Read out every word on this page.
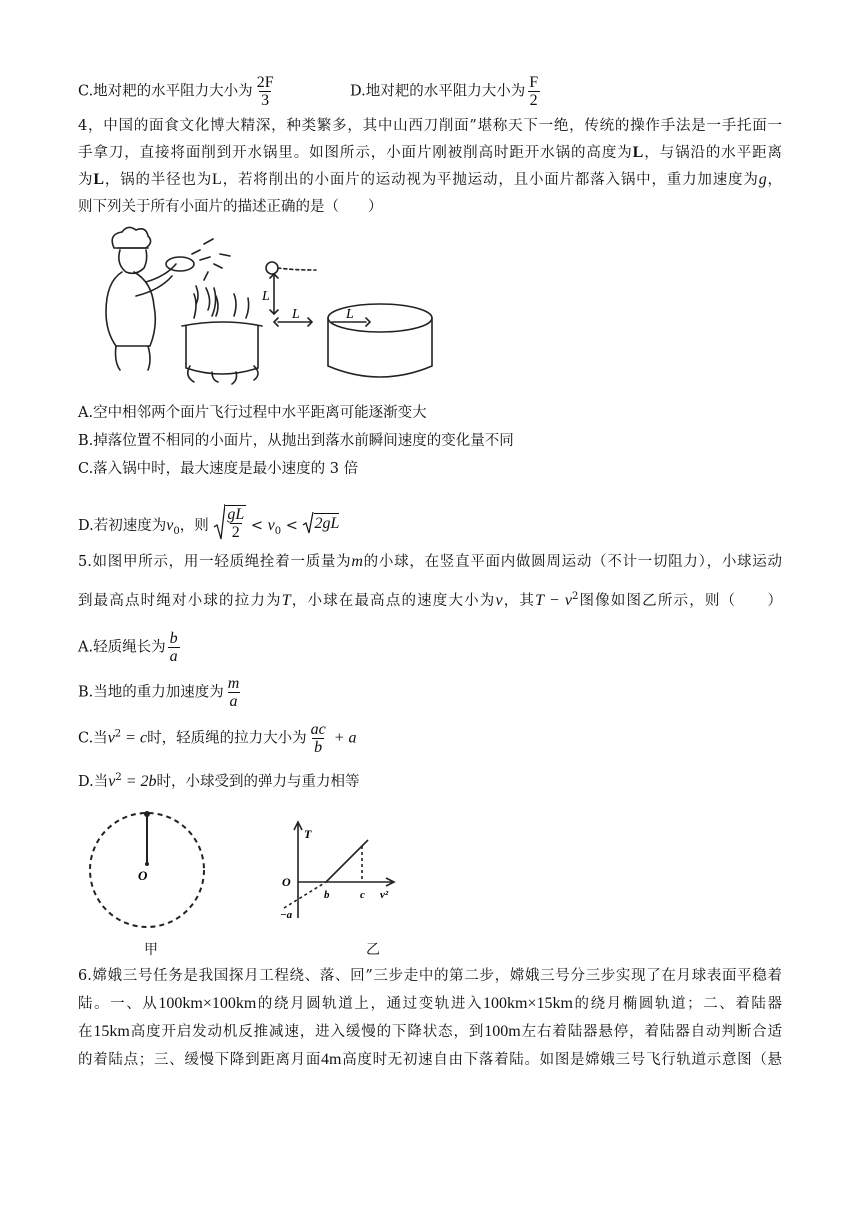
C.地对耙的水平阻力大小为 $\frac{2F}{3}$	D.地对耙的水平阻力大小为 $\frac{F}{2}$
4，中国的面食文化博大精深，种类繁多，其中山西刀削面”堪称天下一绝，传统的操作手法是一手托面一
手拿刀，直接将面削到开水锅里。如图所示，小面片刚被削高时距开水锅的高度为L，与锅沿的水平距离
为L，锅的半径也为L，若将削出的小面片的运动视为平抛运动，且小面片都落入锅中，重力加速度为g，
则下列关于所有小面片的描述正确的是（　　）
L
L	L
A.空中相邻两个面片飞行过程中水平距离可能逐渐变大
B.掉落位置不相同的小面片，从抛出到落水前瞬间速度的变化量不同
C.落入锅中时，最大速度是最小速度的 3 倍
D.若初速度为$v_0$，则 $\frac{gL}{2} < v_0 < 2gL$
5.如图甲所示，用一轻质绳拴着一质量为m的小球，在竖直平面内做圆周运动（不计一切阻力），小球运动
到最高点时绳对小球的拉力为T，小球在最高点的速度大小为v，其$T - v^2$图像如图乙所示，则（　　）
A.轻质绳长为 $\frac{b}{a}$
B.当地的重力加速度为 $\frac{m}{a}$
C.当$v^2 = c$时，轻质绳的拉力大小为 $\frac{ac}{b} + a$
D.当$v^2 = 2b$时，小球受到的弹力与重力相等
O
甲
T
O
b	c v²
−a
乙
6.嫦娥三号任务是我国探月工程绕、落、回”三步走中的第二步，嫦娥三号分三步实现了在月球表面平稳着
陆。一、从100km×100km的绕月圆轨道上，通过变轨进入100km×15km的绕月椭圆轨道；二、着陆器
在15km高度开启发动机反推减速，进入缓慢的下降状态，到100m左右着陆器悬停，着陆器自动判断合适
的着陆点；三、缓慢下降到距离月面4m高度时无初速自由下落着陆。如图是嫦娥三号飞行轨道示意图（悬
